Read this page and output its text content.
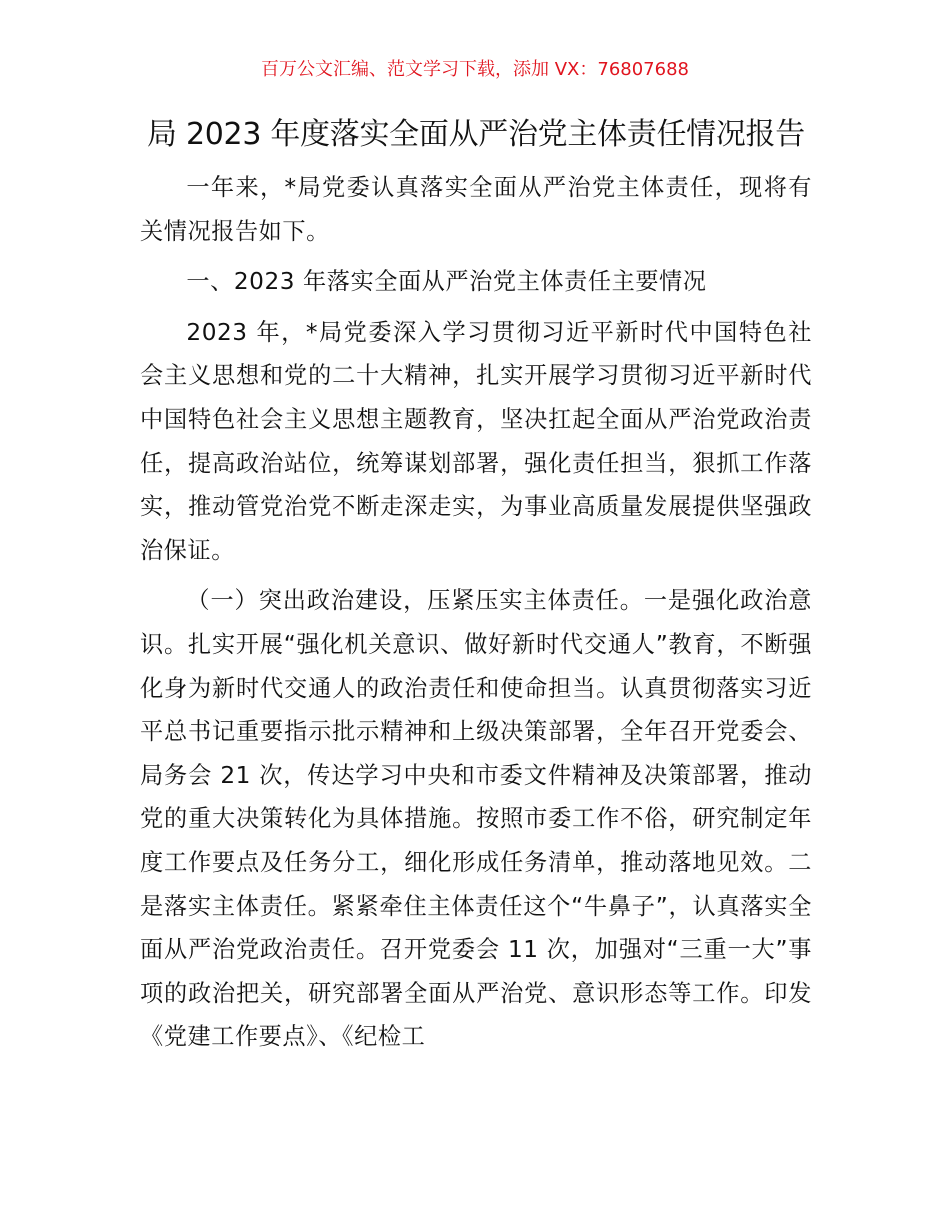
百万公文汇编、范文学习下载，添加 VX：76807688
局 2023 年度落实全面从严治党主体责任情况报告

一年来，*局党委认真落实全面从严治党主体责任，现将有关情况报告如下。

一、2023 年落实全面从严治党主体责任主要情况

2023 年，*局党委深入学习贯彻习近平新时代中国特色社会主义思想和党的二十大精神，扎实开展学习贯彻习近平新时代中国特色社会主义思想主题教育，坚决扛起全面从严治党政治责任，提高政治站位，统筹谋划部署，强化责任担当，狠抓工作落实，推动管党治党不断走深走实，为事业高质量发展提供坚强政治保证。

（一）突出政治建设，压紧压实主体责任。一是强化政治意识。扎实开展“强化机关意识、做好新时代交通人”教育，不断强化身为新时代交通人的政治责任和使命担当。认真贯彻落实习近平总书记重要指示批示精神和上级决策部署，全年召开党委会、局务会 21 次，传达学习中央和市委文件精神及决策部署，推动党的重大决策转化为具体措施。按照市委工作不俗，研究制定年度工作要点及任务分工，细化形成任务清单，推动落地见效。二是落实主体责任。紧紧牵住主体责任这个“牛鼻子”，认真落实全面从严治党政治责任。召开党委会 11 次，加强对“三重一大”事项的政治把关，研究部署全面从严治党、意识形态等工作。印发《党建工作要点》、《纪检工
